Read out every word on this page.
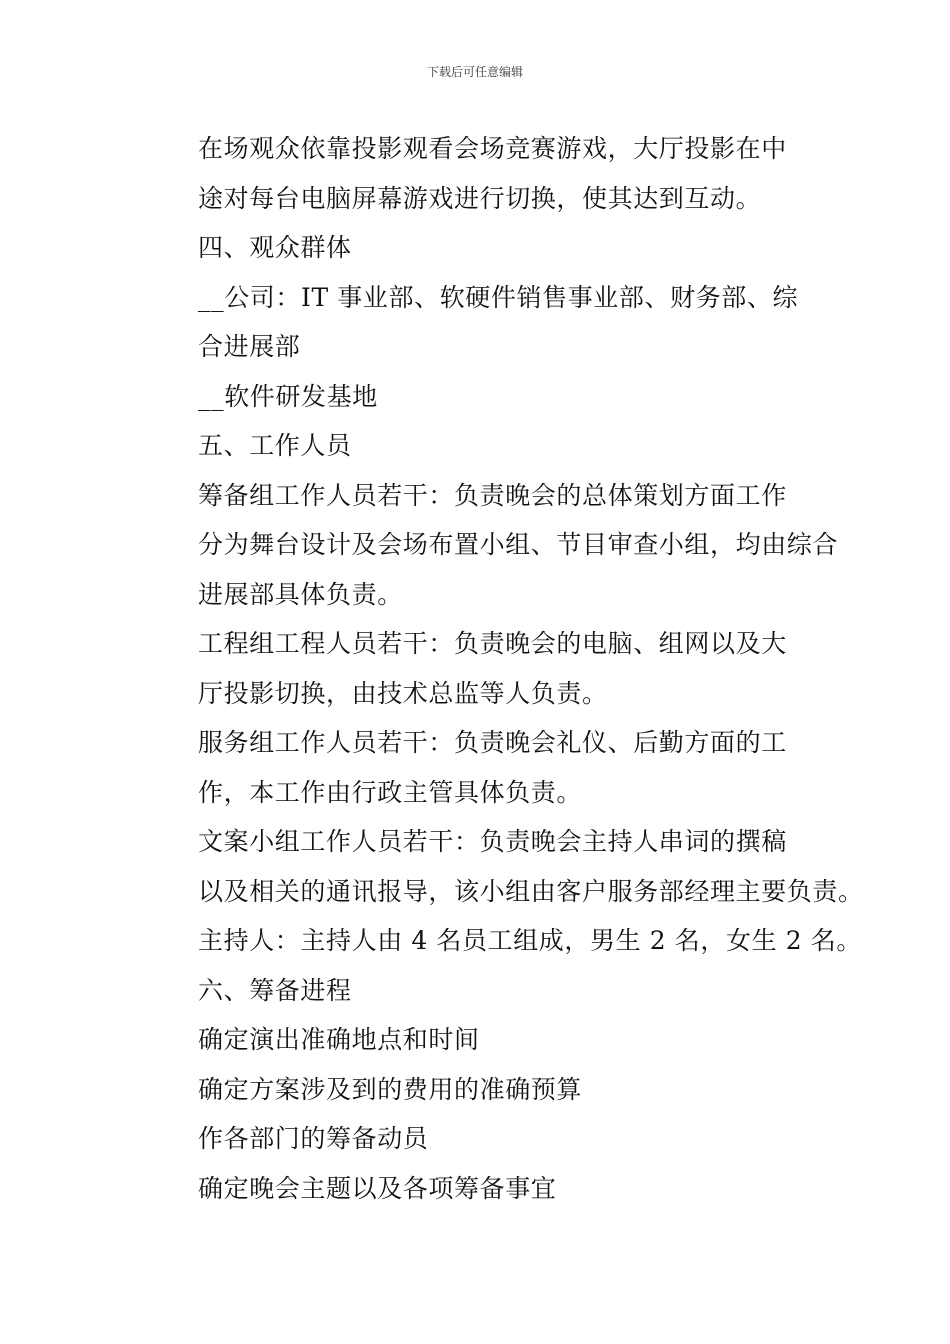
下载后可任意编辑

在场观众依靠投影观看会场竞赛游戏，大厅投影在中
途对每台电脑屏幕游戏进行切换，使其达到互动。

四、观众群体

__公司：IT 事业部、软硬件销售事业部、财务部、综
合进展部

__软件研发基地

五、工作人员

筹备组工作人员若干：负责晚会的总体策划方面工作
分为舞台设计及会场布置小组、节目审查小组，均由综合
进展部具体负责。

工程组工程人员若干：负责晚会的电脑、组网以及大
厅投影切换，由技术总监等人负责。

服务组工作人员若干：负责晚会礼仪、后勤方面的工
作，本工作由行政主管具体负责。

文案小组工作人员若干：负责晚会主持人串词的撰稿
以及相关的通讯报导，该小组由客户服务部经理主要负责。

主持人：主持人由 4 名员工组成，男生 2 名，女生 2 名。

六、筹备进程

确定演出准确地点和时间

确定方案涉及到的费用的准确预算

作各部门的筹备动员

确定晚会主题以及各项筹备事宜
